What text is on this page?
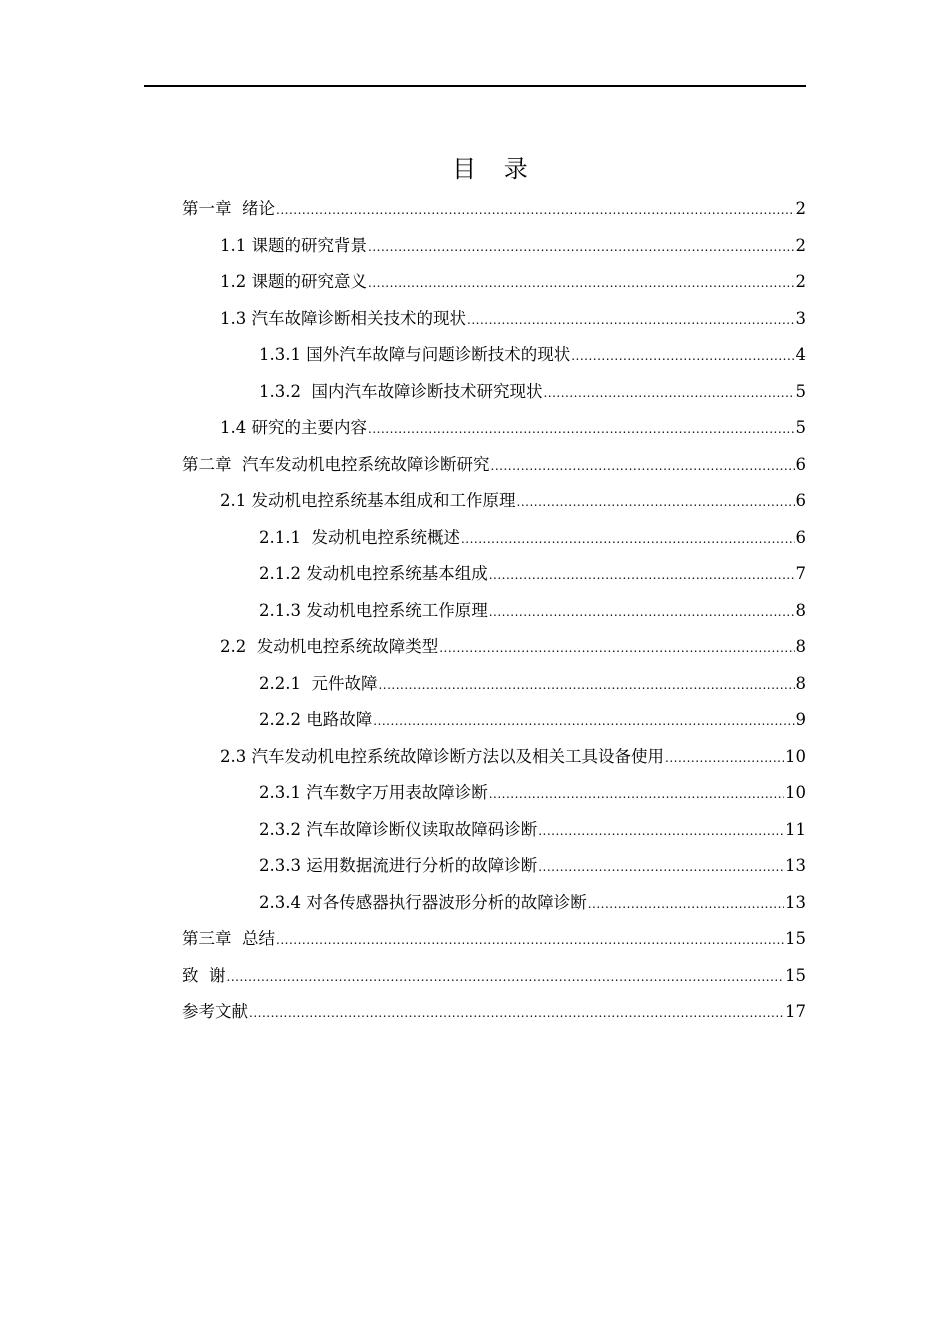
目 录
第一章  绪论 .....	2
1.1 课题的研究背景 .....	2
1.2 课题的研究意义 .....	2
1.3 汽车故障诊断相关技术的现状 .....	3
1.3.1 国外汽车故障与问题诊断技术的现状 .....	4
1.3.2  国内汽车故障诊断技术研究现状 .....	5
1.4 研究的主要内容 .....	5
第二章  汽车发动机电控系统故障诊断研究 .....	6
2.1 发动机电控系统基本组成和工作原理 .....	6
2.1.1  发动机电控系统概述 .....	6
2.1.2 发动机电控系统基本组成 .....	7
2.1.3 发动机电控系统工作原理 .....	8
2.2  发动机电控系统故障类型 .....	8
2.2.1  元件故障 .....	8
2.2.2 电路故障 .....	9
2.3 汽车发动机电控系统故障诊断方法以及相关工具设备使用 .....	10
2.3.1 汽车数字万用表故障诊断 .....	10
2.3.2 汽车故障诊断仪读取故障码诊断 .....	11
2.3.3 运用数据流进行分析的故障诊断 .....	13
2.3.4 对各传感器执行器波形分析的故障诊断 .....	13
第三章  总结 .....	15
致  谢 .....	15
参考文献 .....	17
